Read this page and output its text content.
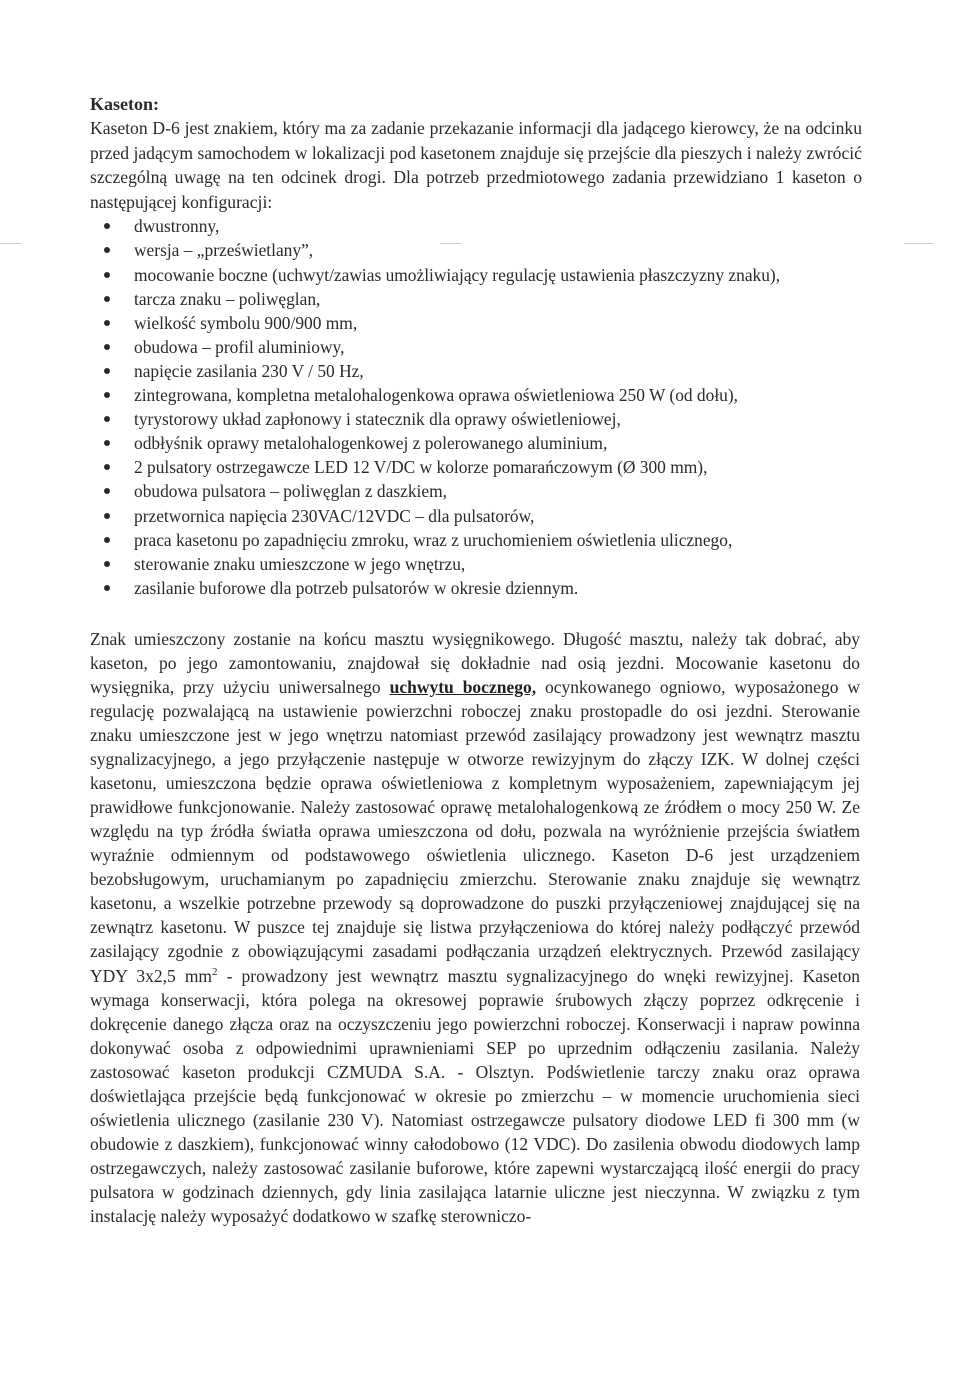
Kaseton:

Kaseton D-6 jest znakiem, który ma za zadanie przekazanie informacji dla jadącego kierowcy, że na odcinku przed jadącym samochodem w lokalizacji pod kasetonem znajduje się przejście dla pieszych i należy zwrócić szczególną uwagę na ten odcinek drogi. Dla potrzeb przedmiotowego zadania przewidziano 1 kaseton o następującej konfiguracji:

dwustronny,
wersja – „prześwietlany”,
mocowanie boczne (uchwyt/zawias umożliwiający regulację ustawienia płaszczyzny znaku),
tarcza znaku – poliwęglan,
wielkość symbolu 900/900 mm,
obudowa – profil aluminiowy,
napięcie zasilania 230 V / 50 Hz,
zintegrowana, kompletna metalohalogenkowa oprawa oświetleniowa 250 W (od dołu),
tyrystorowy układ zapłonowy i statecznik dla oprawy oświetleniowej,
odbłyśnik oprawy metalohalogenkowej z polerowanego aluminium,
2 pulsatory ostrzegawcze LED 12 V/DC w kolorze pomarańczowym (Ø 300 mm),
obudowa pulsatora – poliwęglan z daszkiem,
przetwornica napięcia 230VAC/12VDC – dla pulsatorów,
praca kasetonu po zapadnięciu zmroku, wraz z uruchomieniem oświetlenia ulicznego,
sterowanie znaku umieszczone w jego wnętrzu,
zasilanie buforowe dla potrzeb pulsatorów w okresie dziennym.

Znak umieszczony zostanie na końcu masztu wysięgnikowego. Długość masztu, należy tak dobrać, aby kaseton, po jego zamontowaniu, znajdował się dokładnie nad osią jezdni. Mocowanie kasetonu do wysięgnika, przy użyciu uniwersalnego uchwytu bocznego, ocynkowanego ogniowo, wyposażonego w regulację pozwalającą na ustawienie powierzchni roboczej znaku prostopadle do osi jezdni. Sterowanie znaku umieszczone jest w jego wnętrzu natomiast przewód zasilający prowadzony jest wewnątrz masztu sygnalizacyjnego, a jego przyłączenie następuje w otworze rewizyjnym do złączy IZK. W dolnej części kasetonu, umieszczona będzie oprawa oświetleniowa z kompletnym wyposażeniem, zapewniającym jej prawidłowe funkcjonowanie. Należy zastosować oprawę metalohalogenkową ze źródłem o mocy 250 W. Ze względu na typ źródła światła oprawa umieszczona od dołu, pozwala na wyróżnienie przejścia światłem wyraźnie odmiennym od podstawowego oświetlenia ulicznego. Kaseton D-6 jest urządzeniem bezobsługowym, uruchamianym po zapadnięciu zmierzchu. Sterowanie znaku znajduje się wewnątrz kasetonu, a wszelkie potrzebne przewody są doprowadzone do puszki przyłączeniowej znajdującej się na zewnątrz kasetonu. W puszce tej znajduje się listwa przyłączeniowa do której należy podłączyć przewód zasilający zgodnie z obowiązującymi zasadami podłączania urządzeń elektrycznych. Przewód zasilający YDY 3x2,5 $mm^2$ - prowadzony jest wewnątrz masztu sygnalizacyjnego do wnęki rewizyjnej. Kaseton wymaga konserwacji, która polega na okresowej poprawie śrubowych złączy poprzez odkręcenie i dokręcenie danego złącza oraz na oczyszczeniu jego powierzchni roboczej. Konserwacji i napraw powinna dokonywać osoba z odpowiednimi uprawnieniami SEP po uprzednim odłączeniu zasilania. Należy zastosować kaseton produkcji CZMUDA S.A. - Olsztyn. Podświetlenie tarczy znaku oraz oprawa doświetlająca przejście będą funkcjonować w okresie po zmierzchu – w momencie uruchomienia sieci oświetlenia ulicznego (zasilanie 230 V). Natomiast ostrzegawcze pulsatory diodowe LED fi 300 mm (w obudowie z daszkiem), funkcjonować winny całodobowo (12 VDC). Do zasilenia obwodu diodowych lamp ostrzegawczych, należy zastosować zasilanie buforowe, które zapewni wystarczającą ilość energii do pracy pulsatora w godzinach dziennych, gdy linia zasilająca latarnie uliczne jest nieczynna. W związku z tym instalację należy wyposażyć dodatkowo w szafkę sterowniczo-
